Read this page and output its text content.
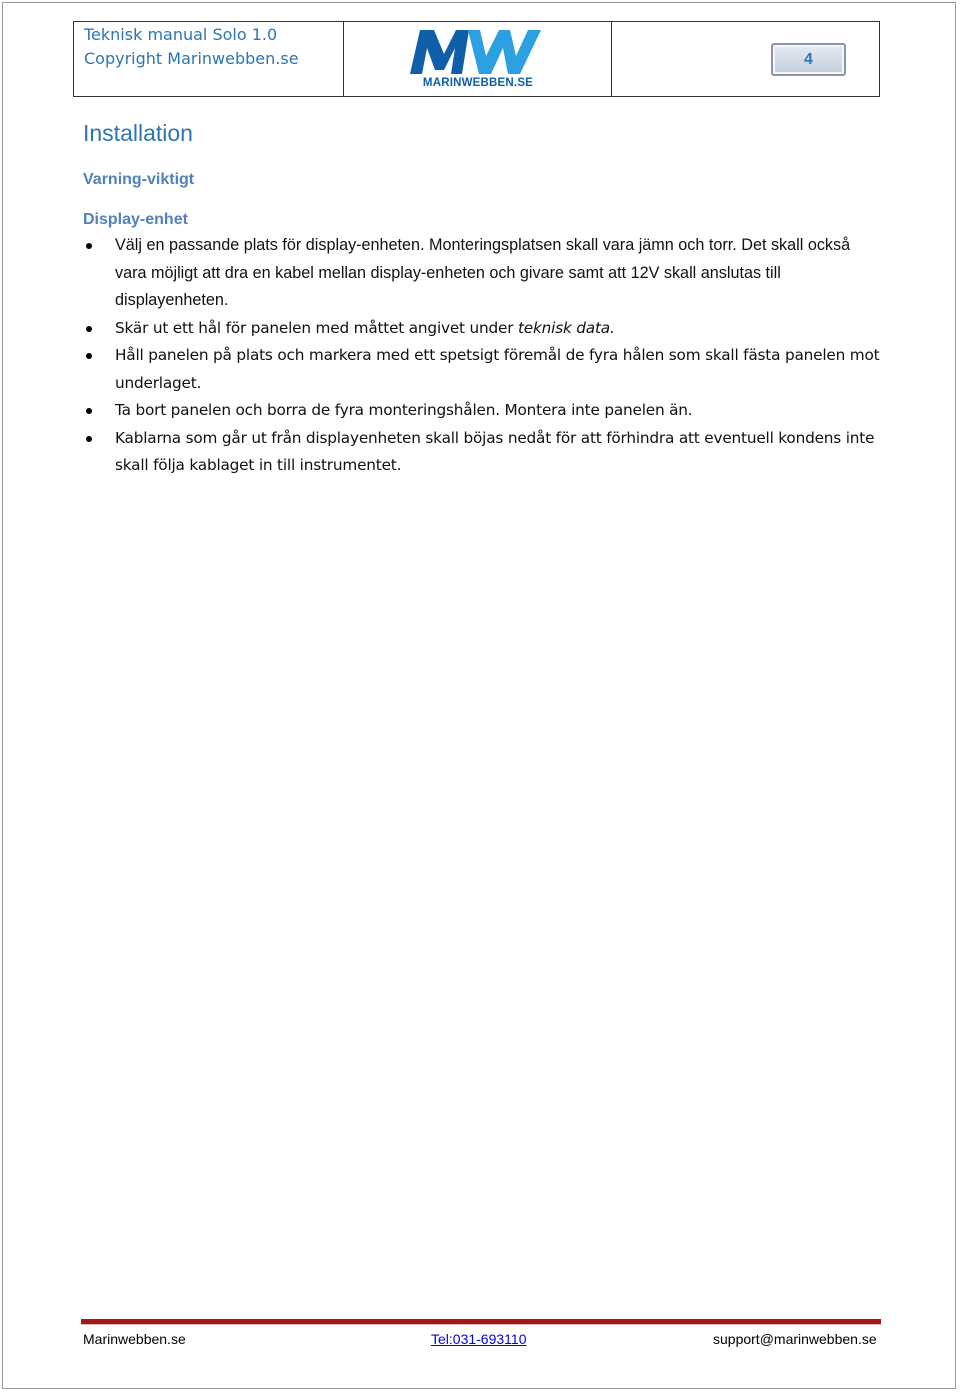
Teknisk manual Solo 1.0
Copyright Marinwebben.se
MARINWEBBEN.SE
4
Installation
Varning-viktigt
Display-enhet
Välj en passande plats för display-enheten. Monteringsplatsen skall vara jämn och torr. Det skall också vara möjligt att dra en kabel mellan display-enheten och givare samt att 12V skall anslutas till displayenheten.
Skär ut ett hål för panelen med måttet angivet under teknisk data.
Håll panelen på plats och markera med ett spetsigt föremål de fyra hålen som skall fästa panelen mot underlaget.
Ta bort panelen och borra de fyra monteringshålen. Montera inte panelen än.
Kablarna som går ut från displayenheten skall böjas nedåt för att förhindra att eventuell kondens inte skall följa kablaget in till instrumentet.
Marinwebben.se	Tel:031-693110	support@marinwebben.se
